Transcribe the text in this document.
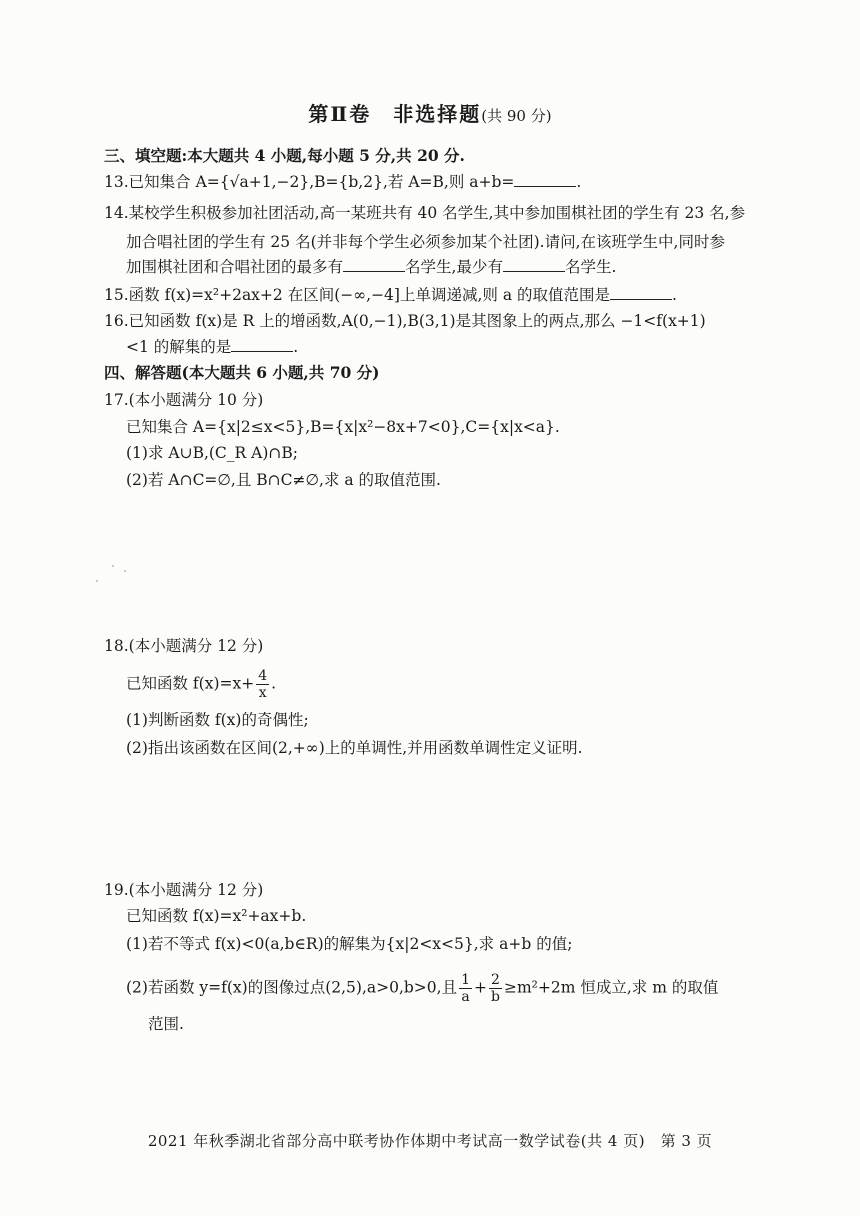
第Ⅱ卷　非选择题(共 90 分)
三、填空题:本大题共 4 小题,每小题 5 分,共 20 分.
13.已知集合 A={√a+1,−2},B={b,2},若 A=B,则 a+b=	.
14.某校学生积极参加社团活动,高一某班共有 40 名学生,其中参加围棋社团的学生有 23 名,参
加合唱社团的学生有 25 名(并非每个学生必须参加某个社团).请问,在该班学生中,同时参
加围棋社团和合唱社团的最多有	名学生,最少有	名学生.
15.函数 f(x)=x²+2ax+2 在区间(−∞,−4]上单调递减,则 a 的取值范围是	.
16.已知函数 f(x)是 R 上的增函数,A(0,−1),B(3,1)是其图象上的两点,那么 −1<f(x+1)
<1 的解集的是	.
四、解答题(本大题共 6 小题,共 70 分)
17.(本小题满分 10 分)
已知集合 A={x|2≤x<5},B={x|x²−8x+7<0},C={x|x<a}.
(1)求 A∪B,(C_R A)∩B;
(2)若 A∩C=∅,且 B∩C≠∅,求 a 的取值范围.
18.(本小题满分 12 分)
已知函数 $f(x)=x+ \frac{4}{x}$ .
(1)判断函数 f(x)的奇偶性;
(2)指出该函数在区间(2,+∞)上的单调性,并用函数单调性定义证明.
19.(本小题满分 12 分)
已知函数 f(x)=x²+ax+b.
(1)若不等式 f(x)<0(a,b∈R)的解集为{x|2<x<5},求 a+b 的值;
(2)若函数 y=f(x)的图像过点(2,5),a>0,b>0,且 $\frac{1}{a} + \frac{2}{b} \ge m^2+2m$ 恒成立,求 m 的取值
范围.
2021 年秋季湖北省部分高中联考协作体期中考试高一数学试卷(共 4 页)　第 3 页
